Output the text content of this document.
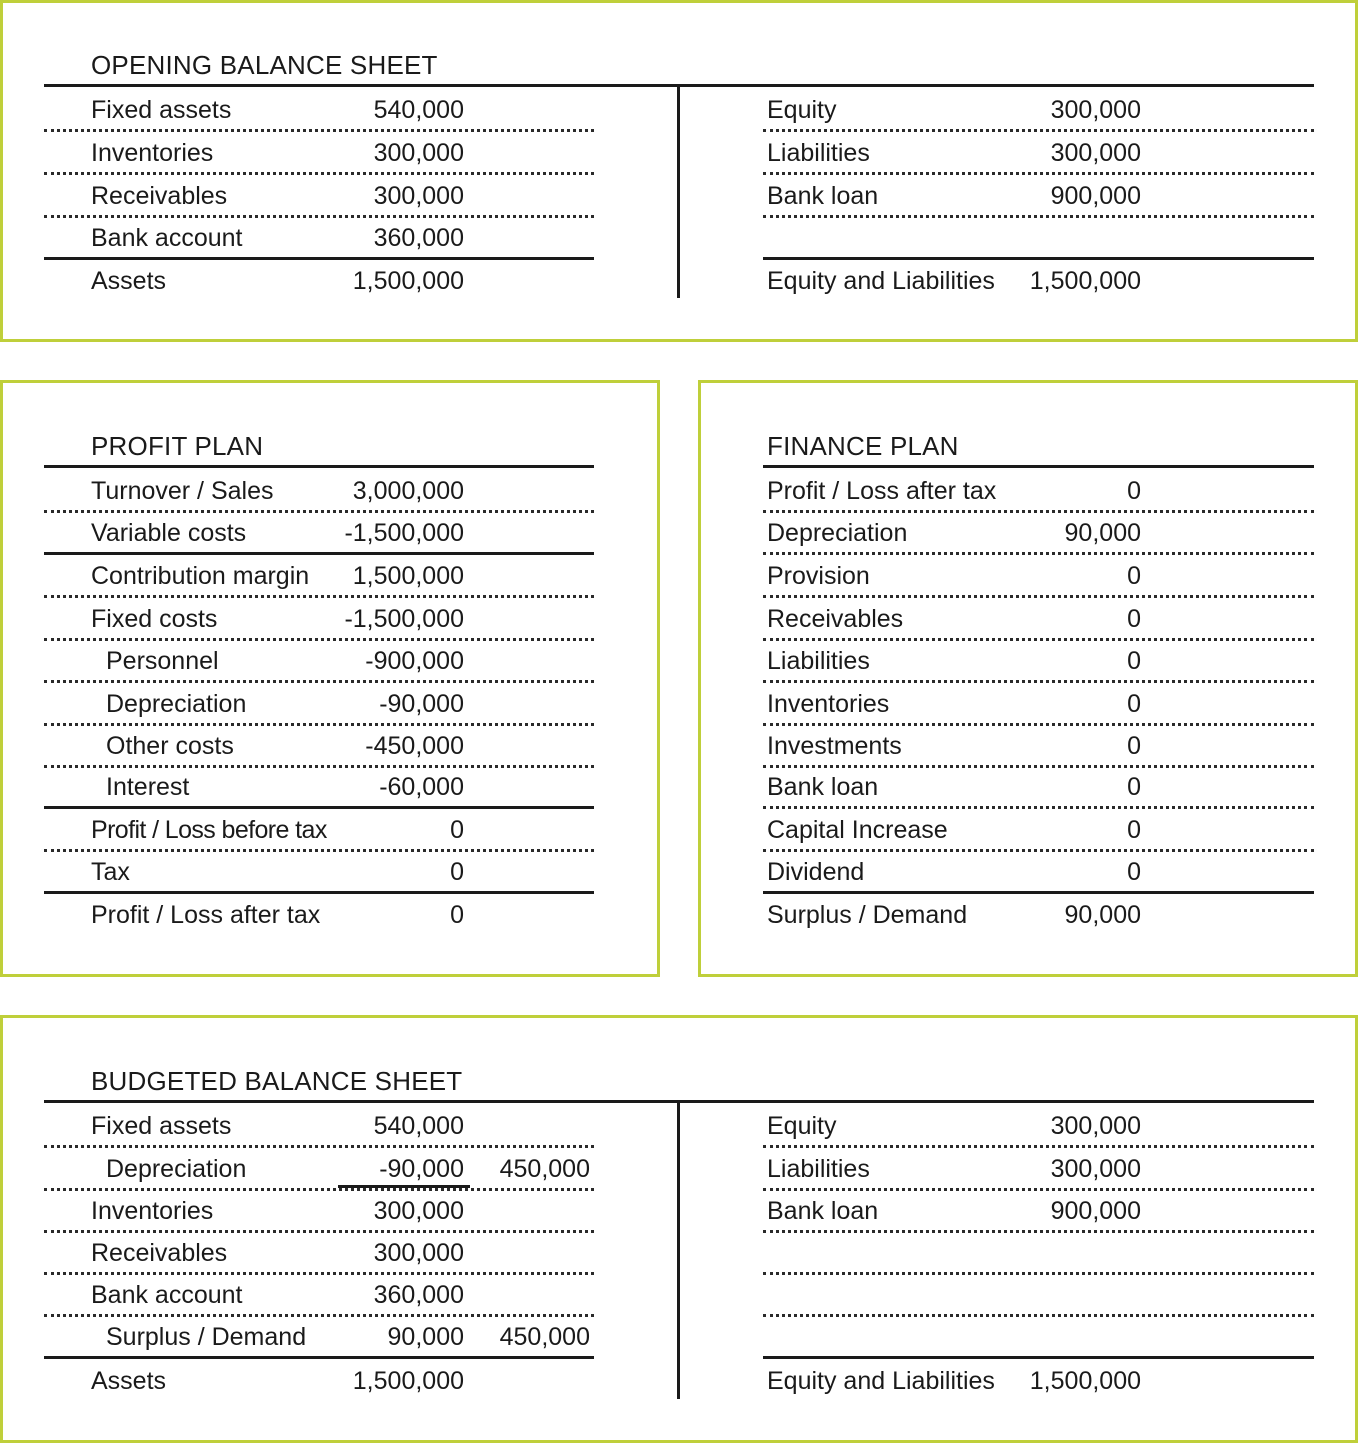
OPENING BALANCE SHEET
Fixed assets	540,000
Inventories	300,000
Receivables	300,000
Bank account	360,000
Assets	1,500,000
Equity	300,000
Liabilities	300,000
Bank loan	900,000
Equity and Liabilities 1,500,000
PROFIT PLAN
Turnover / Sales	3,000,000
Variable costs	-1,500,000
Contribution margin 1,500,000
Fixed costs	-1,500,000
Personnel	-900,000
Depreciation	-90,000
Other costs	-450,000
Interest	-60,000
Profit / Loss before tax	0
Tax	0
Profit / Loss after tax	0
FINANCE PLAN
Profit / Loss after tax	0
Depreciation	90,000
Provision	0
Receivables	0
Liabilities	0
Inventories	0
Investments	0
Bank loan	0
Capital Increase	0
Dividend	0
Surplus / Demand	90,000
BUDGETED BALANCE SHEET
Fixed assets	540,000
Depreciation	-90,000 450,000
Inventories	300,000
Receivables	300,000
Bank account	360,000
Surplus / Demand	90,000 450,000
Assets	1,500,000
Equity	300,000
Liabilities	300,000
Bank loan	900,000
Equity and Liabilities 1,500,000
